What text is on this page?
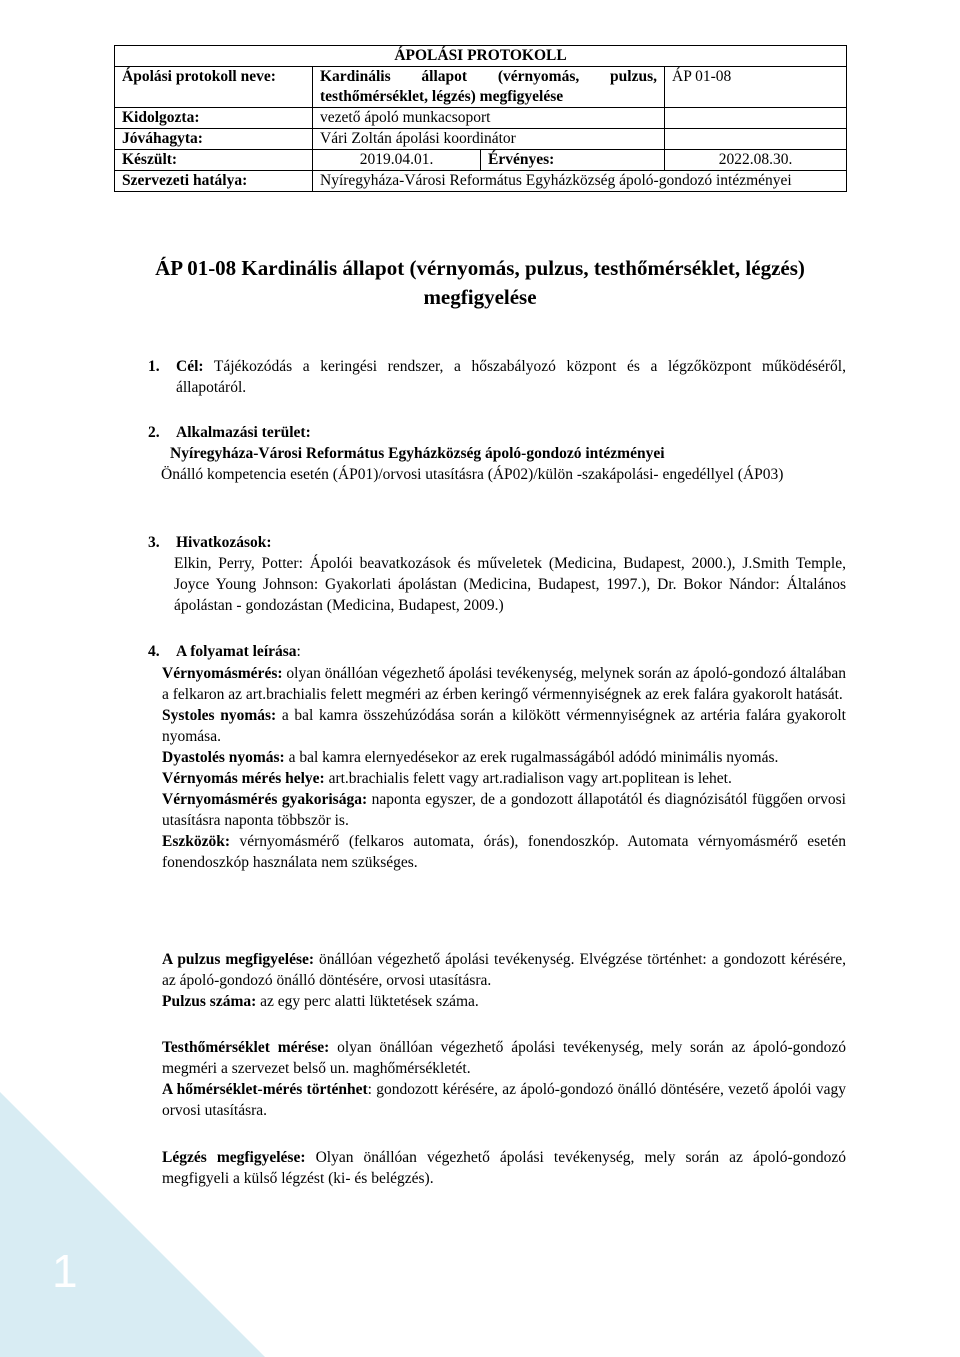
1
ÁPOLÁSI PROTOKOLL			
Ápolási protokoll neve:	Kardinális állapot (vérnyomás, pulzus, testhőmérséklet, légzés) megfigyelése		ÁP 01-08
Kidolgozta:	vezető ápoló munkacsoport		
Jóváhagyta:	Vári Zoltán ápolási koordinátor		
Készült:	2019.04.01.	Érvényes:	2022.08.30.
Szervezeti hatálya:	Nyíregyháza-Városi Református Egyházközség ápoló-gondozó intézményei		
ÁP 01-08 Kardinális állapot (vérnyomás, pulzus, testhőmérséklet, légzés) megfigyelése
1. Cél: Tájékozódás a keringési rendszer, a hőszabályozó központ és a légzőközpont működéséről, állapotáról.
2. Alkalmazási terület:

Nyíregyháza-Városi Református Egyházközség ápoló-gondozó intézményei

Önálló kompetencia esetén (ÁP01)/orvosi utasításra (ÁP02)/külön -szakápolási- engedéllyel (ÁP03)

3. Hivatkozások:

Elkin, Perry, Potter: Ápolói beavatkozások és műveletek (Medicina, Budapest, 2000.), J.Smith Temple, Joyce Young Johnson: Gyakorlati ápolástan (Medicina, Budapest, 1997.), Dr. Bokor Nándor: Általános ápolástan - gondozástan (Medicina, Budapest, 2009.)

4. A folyamat leírása:

Vérnyomásmérés: olyan önállóan végezhető ápolási tevékenység, melynek során az ápoló-gondozó általában a felkaron az art.brachialis felett megméri az érben keringő vérmennyiségnek az erek falára gyakorolt hatását.

Systoles nyomás: a bal kamra összehúzódása során a kilökött vérmennyiségnek az artéria falára gyakorolt nyomása.

Dyastolés nyomás: a bal kamra elernyedésekor az erek rugalmasságából adódó minimális nyomás.

Vérnyomás mérés helye: art.brachialis felett vagy art.radialison vagy art.poplitean is lehet.

Vérnyomásmérés gyakorisága: naponta egyszer, de a gondozott állapotától és diagnózisától függően orvosi utasításra naponta többször is.

Eszközök: vérnyomásmérő (felkaros automata, órás), fonendoszkóp. Automata vérnyomásmérő esetén fonendoszkóp használata nem szükséges.

A pulzus megfigyelése: önállóan végezhető ápolási tevékenység. Elvégzése történhet: a gondozott kérésére, az ápoló-gondozó önálló döntésére, orvosi utasításra.

Pulzus száma: az egy perc alatti lüktetések száma.

Testhőmérséklet mérése: olyan önállóan végezhető ápolási tevékenység, mely során az ápoló-gondozó megméri a szervezet belső un. maghőmérsékletét.

A hőmérséklet-mérés történhet: gondozott kérésére, az ápoló-gondozó önálló döntésére, vezető ápolói vagy orvosi utasításra.

Légzés megfigyelése: Olyan önállóan végezhető ápolási tevékenység, mely során az ápoló-gondozó megfigyeli a külső légzést (ki- és belégzés).
